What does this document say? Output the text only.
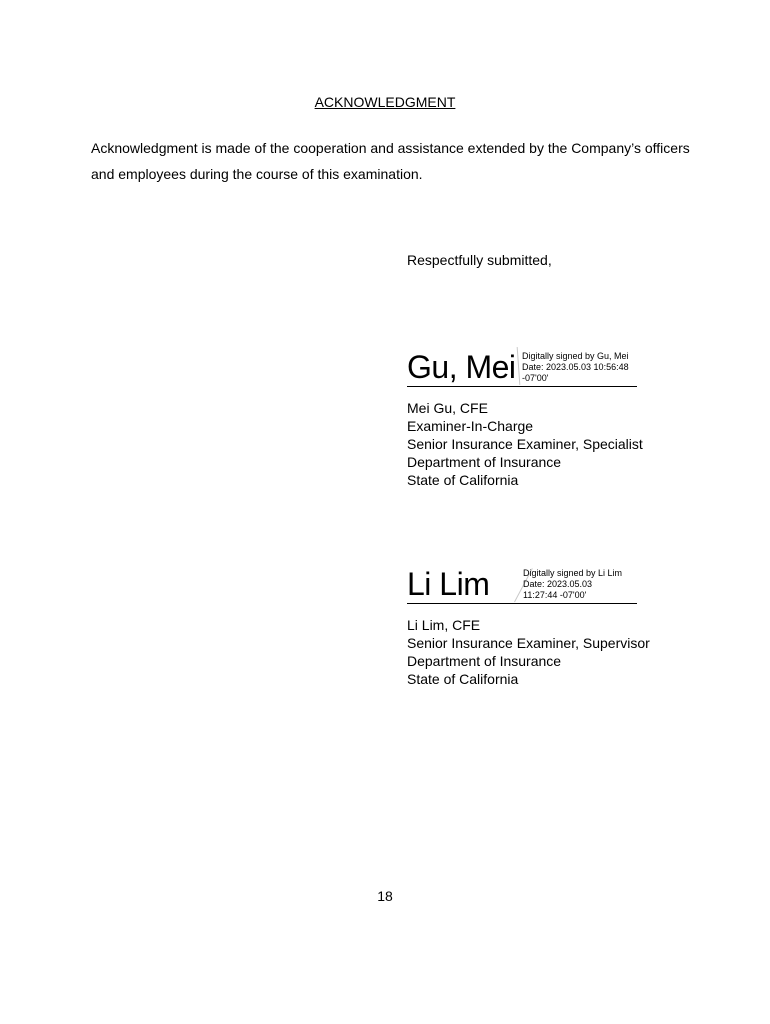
ACKNOWLEDGMENT
Acknowledgment is made of the cooperation and assistance extended by the Company’s officers and employees during the course of this examination.
Respectfully submitted,
Gu, Mei Digitally signed by Gu, Mei
Date: 2023.05.03 10:56:48
-07'00'
Mei Gu, CFE
Examiner-In-Charge
Senior Insurance Examiner, Specialist
Department of Insurance
State of California
Li Lim	Digitally signed by Li Lim
Date: 2023.05.03
11:27:44 -07'00'
Li Lim, CFE
Senior Insurance Examiner, Supervisor
Department of Insurance
State of California
18
